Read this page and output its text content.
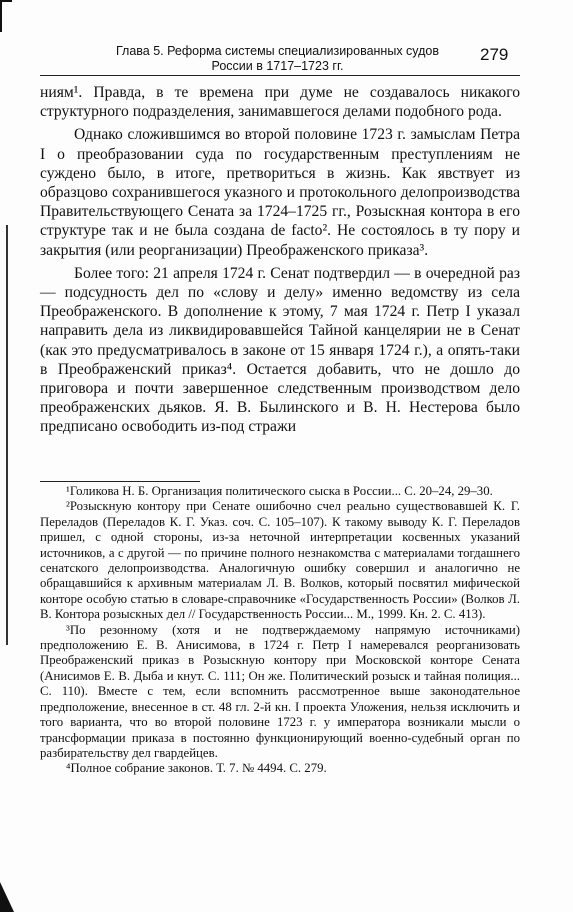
Глава 5. Реформа системы специализированных судов
России в 1717–1723 гг.
279

ниям¹. Правда, в те времена при думе не создавалось никакого структурного подразделения, занимавшегося делами подобного рода.

Однако сложившимся во второй половине 1723 г. замыслам Петра I о преобразовании суда по государственным преступлениям не суждено было, в итоге, претвориться в жизнь. Как явствует из образцово сохранившегося указного и протокольного делопроизводства Правительствующего Сената за 1724–1725 гг., Розыскная контора в его структуре так и не была создана de facto². Не состоялось в ту пору и закрытия (или реорганизации) Преображенского приказа³.

Более того: 21 апреля 1724 г. Сенат подтвердил — в очередной раз — подсудность дел по «слову и делу» именно ведомству из села Преображенского. В дополнение к этому, 7 мая 1724 г. Петр I указал направить дела из ликвидировавшейся Тайной канцелярии не в Сенат (как это предусматривалось в законе от 15 января 1724 г.), а опять-таки в Преображенский приказ⁴. Остается добавить, что не дошло до приговора и почти завершенное следственным производством дело преображенских дьяков. Я. В. Былинского и В. Н. Нестерова было предписано освободить из-под стражи

¹Голикова Н. Б. Организация политического сыска в России... С. 20–24, 29–30.

²Розыскную контору при Сенате ошибочно счел реально существовавшей К. Г. Переладов (Переладов К. Г. Указ. соч. С. 105–107). К такому выводу К. Г. Переладов пришел, с одной стороны, из-за неточной интерпретации косвенных указаний источников, а с другой — по причине полного незнакомства с материалами тогдашнего сенатского делопроизводства. Аналогичную ошибку совершил и аналогично не обращавшийся к архивным материалам Л. В. Волков, который посвятил мифической конторе особую статью в словаре-справочнике «Государственность России» (Волков Л. В. Контора розыскных дел // Государственность России... М., 1999. Кн. 2. С. 413).

³По резонному (хотя и не подтверждаемому напрямую источниками) предположению Е. В. Анисимова, в 1724 г. Петр I намеревался реорганизовать Преображенский приказ в Розыскную контору при Московской конторе Сената (Анисимов Е. В. Дыба и кнут. С. 111; Он же. Политический розыск и тайная полиция... С. 110). Вместе с тем, если вспомнить рассмотренное выше законодательное предположение, внесенное в ст. 48 гл. 2-й кн. I проекта Уложения, нельзя исключить и того варианта, что во второй половине 1723 г. у императора возникали мысли о трансформации приказа в постоянно функционирующий военно-судебный орган по разбирательству дел гвардейцев.

⁴Полное собрание законов. Т. 7. № 4494. С. 279.
